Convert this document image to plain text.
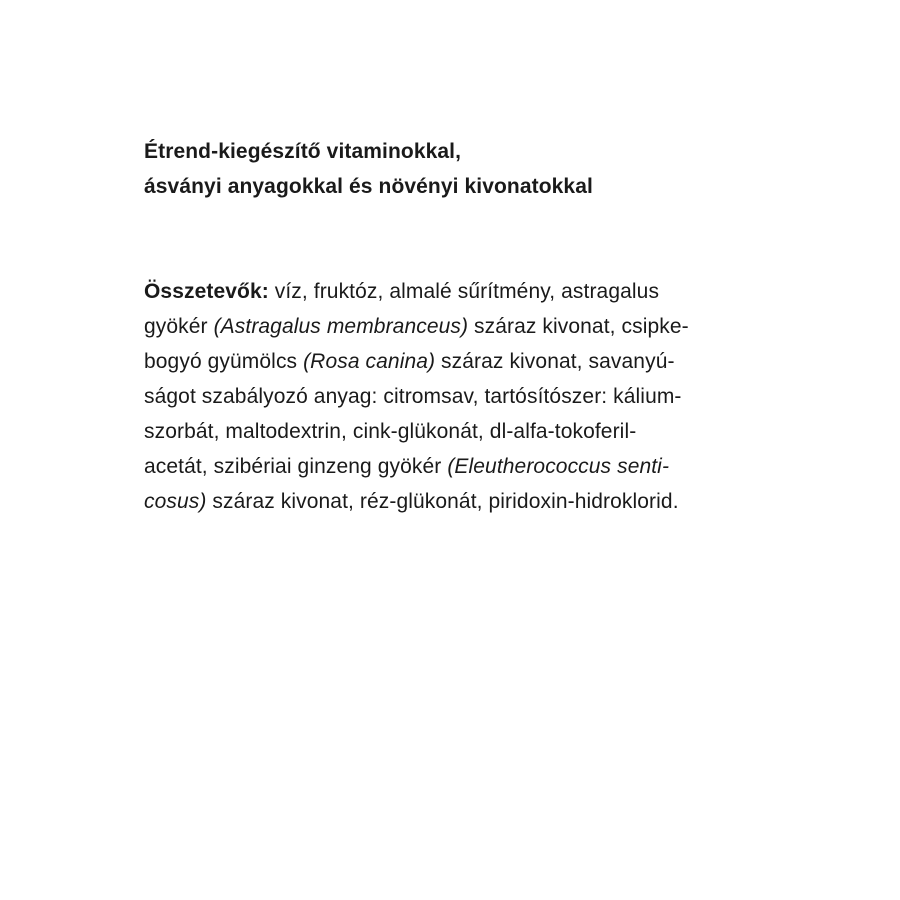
Étrend-kiegészítő vitaminokkal,
ásványi anyagokkal és növényi kivonatokkal

Összetevők: víz, fruktóz, almalé sűrítmény, astragalus
gyökér (Astragalus membranceus) száraz kivonat, csipke-
bogyó gyümölcs (Rosa canina) száraz kivonat, savanyú-
ságot szabályozó anyag: citromsav, tartósítószer: kálium-
szorbát, maltodextrin, cink-glükonát, dl-alfa-tokoferil-
acetát, szibériai ginzeng gyökér (Eleutherococcus senti-
cosus) száraz kivonat, réz-glükonát, piridoxin-hidroklorid.
